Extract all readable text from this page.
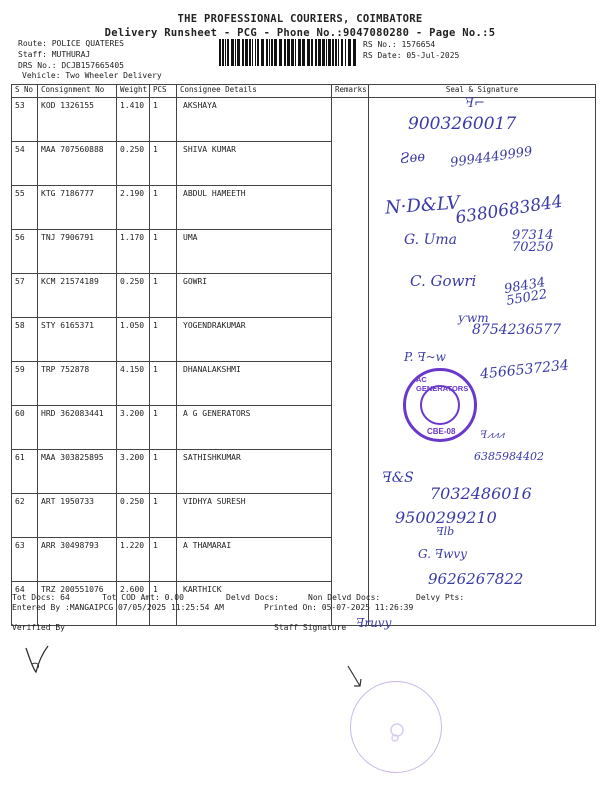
THE PROFESSIONAL COURIERS, COIMBATORE
Delivery Runsheet - PCG - Phone No.:9047080280 - Page No.:5
Route: POLICE QUATERES
Staff: MUTHURAJ
DRS No.: DCJB157665405
Vehicle: Two Wheeler Delivery
RS No.: 1576654
RS Date: 05-Jul-2025
S No	Consignment No	Weight	PCS	Consignee Details	Remarks	Seal & Signature
53	KOD 1326155	1.410	1	AKSHAYA		
54	MAA 707560888	0.250	1	SHIVA KUMAR		
55	KTG 7186777	2.190	1	ABDUL HAMEETH		
56	TNJ 7906791	1.170	1	UMA		
57	KCM 21574189	0.250	1	GOWRI		
58	STY 6165371	1.050	1	YOGENDRAKUMAR		
59	TRP 752878	4.150	1	DHANALAKSHMI		
60	HRD 362083441	3.200	1	A G GENERATORS		
61	MAA 303825895	3.200	1	SATHISHKUMAR		
62	ART 1950733	0.250	1	VIDHYA SURESH		
63	ARR 30498793	1.220	1	A THAMARAI		
64	TRZ 200551076	2.600	1	KARTHICK		
ꟻ⌐
9003260017
Ꙅѳѳ 9994449999
N·D&LV
6380683844
G. Uma	97314 70250
C. Gowri 98434 55022
ƴwm
8754236577
P. ꟻ~w
4566537234
ꟻ⩘⩘⩘
6385984402
ꟻ&S
7032486016
9500299210
ꟻlb
G. ꟻwvy
9626267822
AC GENERATORS
CBE-08
Tot Docs: 64	Tot COD Amt: 0.00	Delvd Docs:	Non Delvd Docs:	Delvy Pts:
Entered By :MANGAIPCG 07/05/2025 11:25:54 AM	Printed On: 05-07-2025 11:26:39
Verified By	Staff Signature ꟻruvy
